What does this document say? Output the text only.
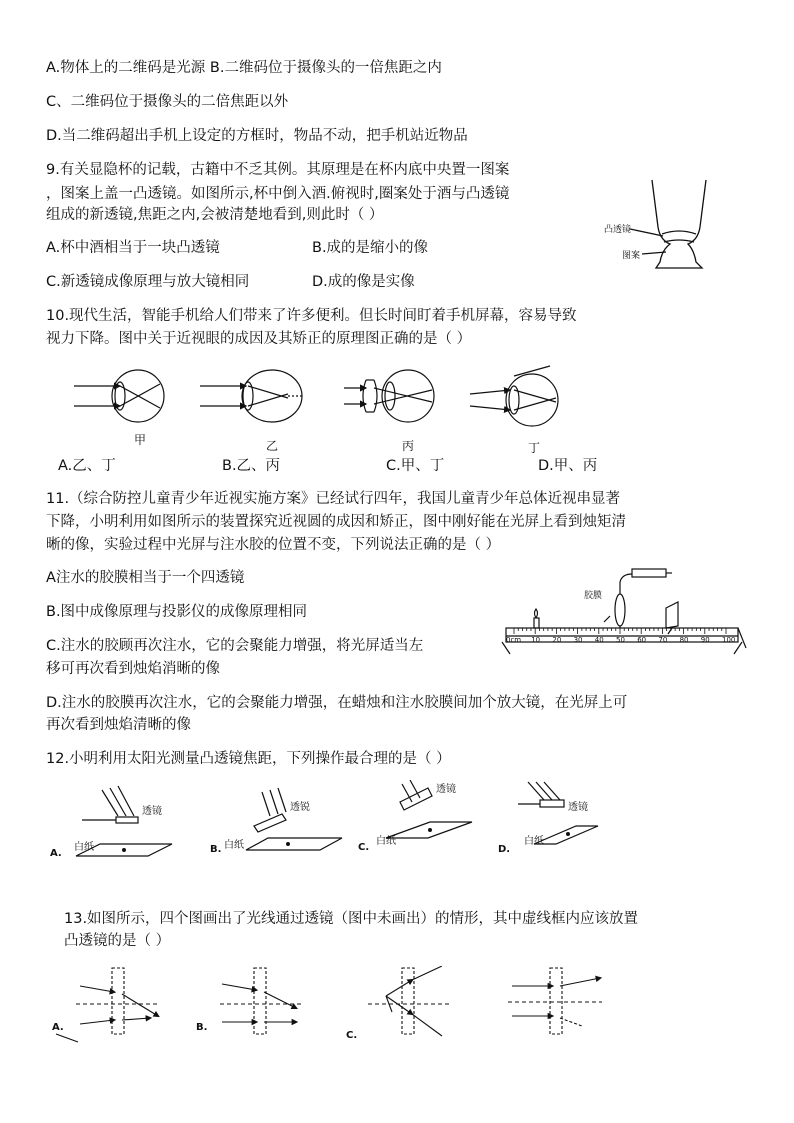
A.物体上的二维码是光源 B.二维码位于摄像头的一倍焦距之内
C、二维码位于摄像头的二倍焦距以外
D.当二维码超出手机上设定的方框时，物品不动，把手机站近物品
9.有关显隐杯的记载，古籍中不乏其例。其原理是在杯内底中央置一图案
，图案上盖一凸透镜。如图所示,杯中倒入酒.俯视时,圈案处于酒与凸透镜
组成的新透镜,焦距之内,会被清楚地看到,则此时（ ）
A.杯中酒相当于一块凸透镜	B.成的是缩小的像
C.新透镜成像原理与放大镜相同	D.成的像是实像
凸透镜
图案
10.现代生活，智能手机给人们带来了许多便利。但长时间盯着手机屏幕，容易导致
视力下降。图中关于近视眼的成因及其矫正的原理图正确的是（ ）
甲	乙	丙	丁
A.乙、丁	B.乙、丙	C.甲、丁	D.甲、丙
11.（综合防控儿童青少年近视实施方案》已经试行四年，我国儿童青少年总体近视串显著
下降，小明利用如图所示的装置探究近视圆的成因和矫正，图中刚好能在光屏上看到烛矩清
晰的像，实验过程中光屏与注水胶的位置不变，下列说法正确的是（ ）
A注水的胶膜相当于一个四透镜
B.图中成像原理与投影仪的成像原理相同
C.注水的胶顾再次注水，它的会聚能力增强，将光屏适当左
移可再次看到烛焰消晰的像
D.注水的胶膜再次注水，它的会聚能力增强，在蜡烛和注水胶膜间加个放大镜，在光屏上可
再次看到烛焰清晰的像
胶膜
0cm 10 20 30 40 50 60 70 80 90 100
12.小明利用太阳光测量凸透镜焦距，下列操作最合理的是（ ）
透镜
白纸
A.
透锐
白纸
B.
透镜
白纸
C.
透镜
白纸
D.
13.如图所示，四个图画出了光线通过透镜（图中未画出）的情形，其中虚线框内应该放置
凸透镜的是（ ）
A.	B.
C.
